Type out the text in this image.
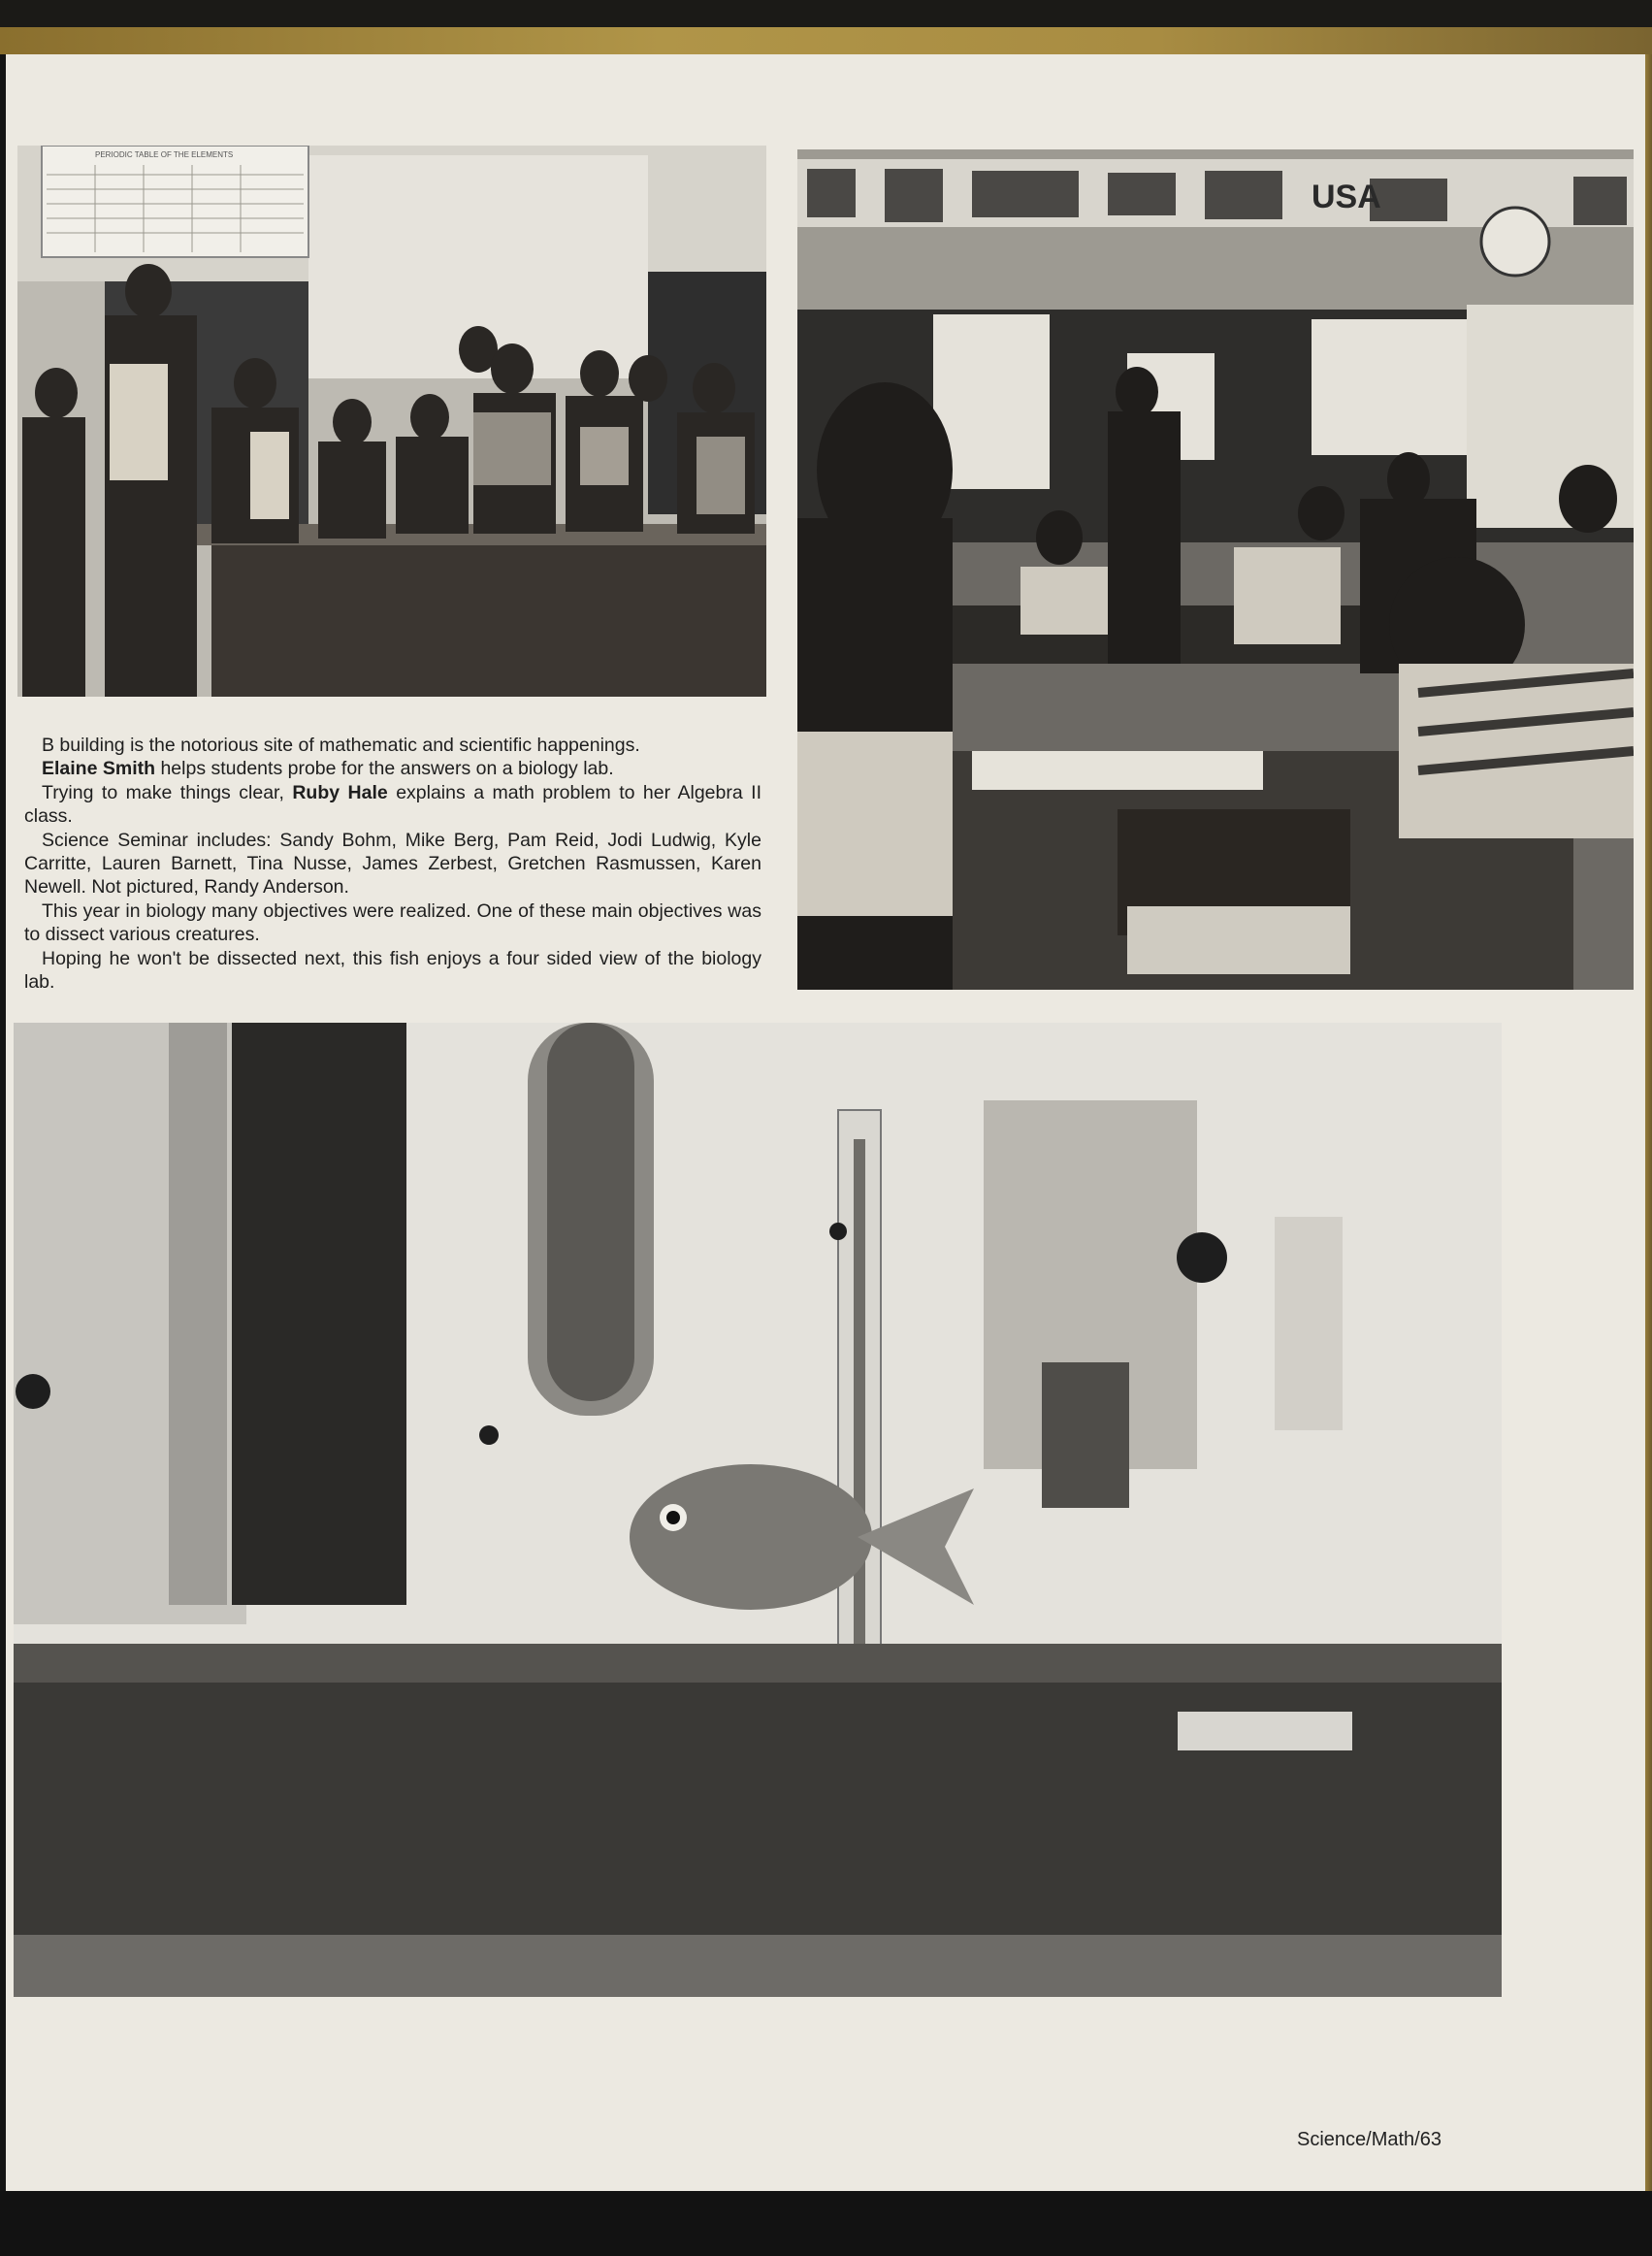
PERIODIC TABLE OF THE ELEMENTS
USA

B building is the notorious site of mathematic and scientific happenings.

Elaine Smith helps students probe for the answers on a biology lab.

Trying to make things clear, Ruby Hale explains a math problem to her Algebra II class.

Science Seminar includes: Sandy Bohm, Mike Berg, Pam Reid, Jodi Ludwig, Kyle Carritte, Lauren Barnett, Tina Nusse, James Zerbest, Gretchen Rasmussen, Karen Newell. Not pictured, Randy Anderson.

This year in biology many objectives were realized. One of these main objectives was to dissect various creatures.

Hoping he won't be dissected next, this fish enjoys a four sided view of the biology lab.

Science/Math/63
